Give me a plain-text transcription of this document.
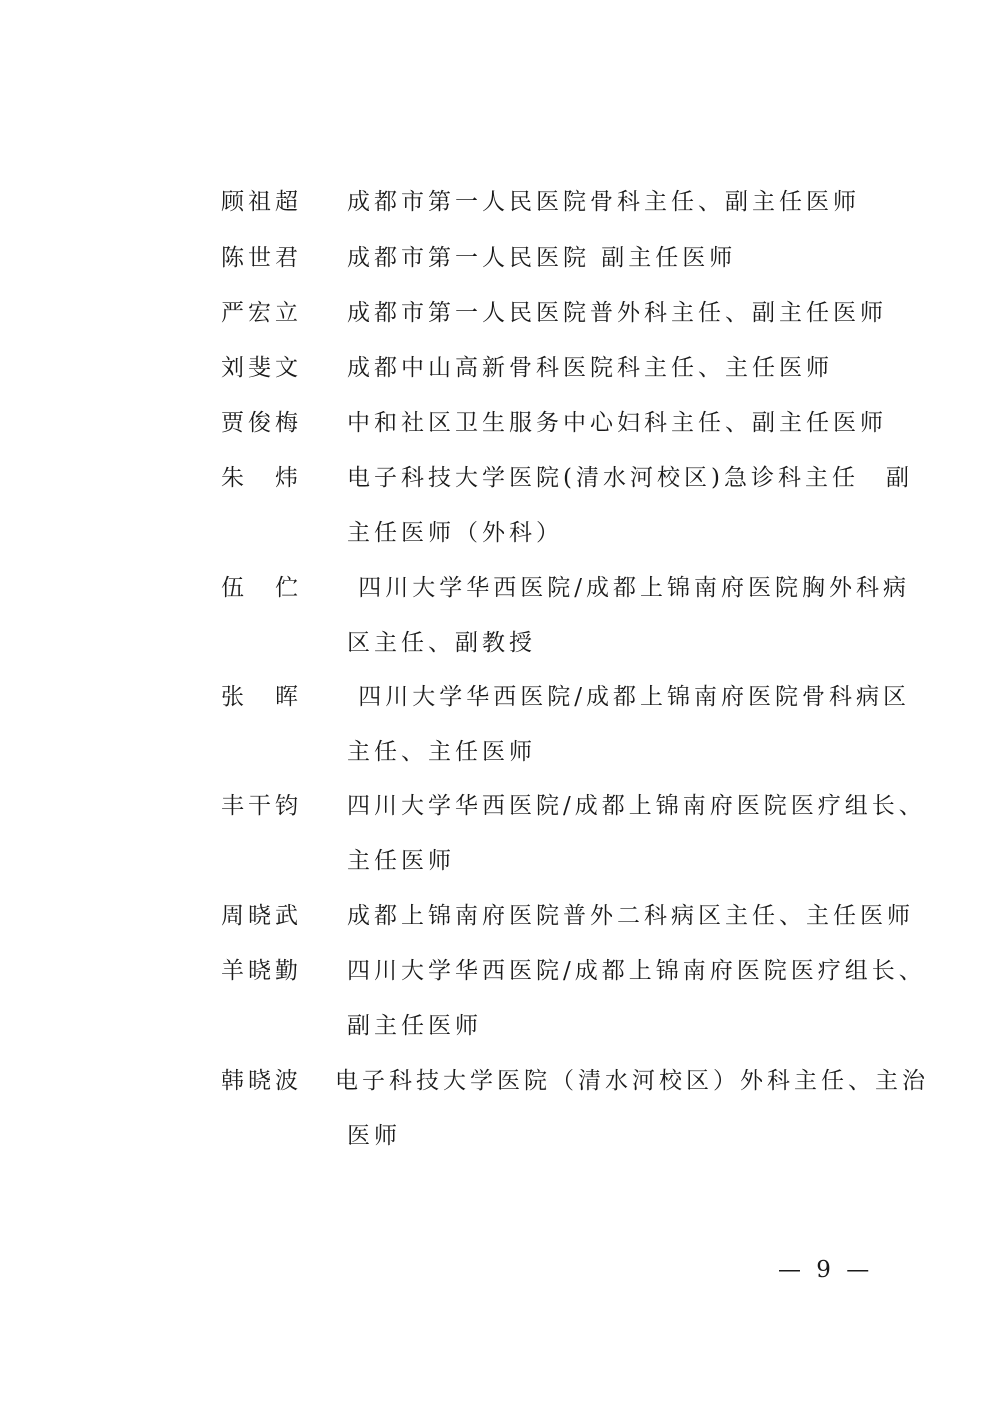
顾祖超 成都市第一人民医院骨科主任、副主任医师
陈世君 成都市第一人民医院 副主任医师
严宏立 成都市第一人民医院普外科主任、副主任医师
刘斐文 成都中山高新骨科医院科主任、主任医师
贾俊梅 中和社区卫生服务中心妇科主任、副主任医师
朱　炜 电子科技大学医院(清水河校区)急诊科主任　副
主任医师（外科）
伍　伫 四川大学华西医院/成都上锦南府医院胸外科病
区主任、副教授
张　晖 四川大学华西医院/成都上锦南府医院骨科病区
主任、主任医师
丰干钧 四川大学华西医院/成都上锦南府医院医疗组长、
主任医师
周晓武 成都上锦南府医院普外二科病区主任、主任医师
羊晓勤 四川大学华西医院/成都上锦南府医院医疗组长、
副主任医师
韩晓波 电子科技大学医院（清水河校区）外科主任、主治
医师
— 9 —
